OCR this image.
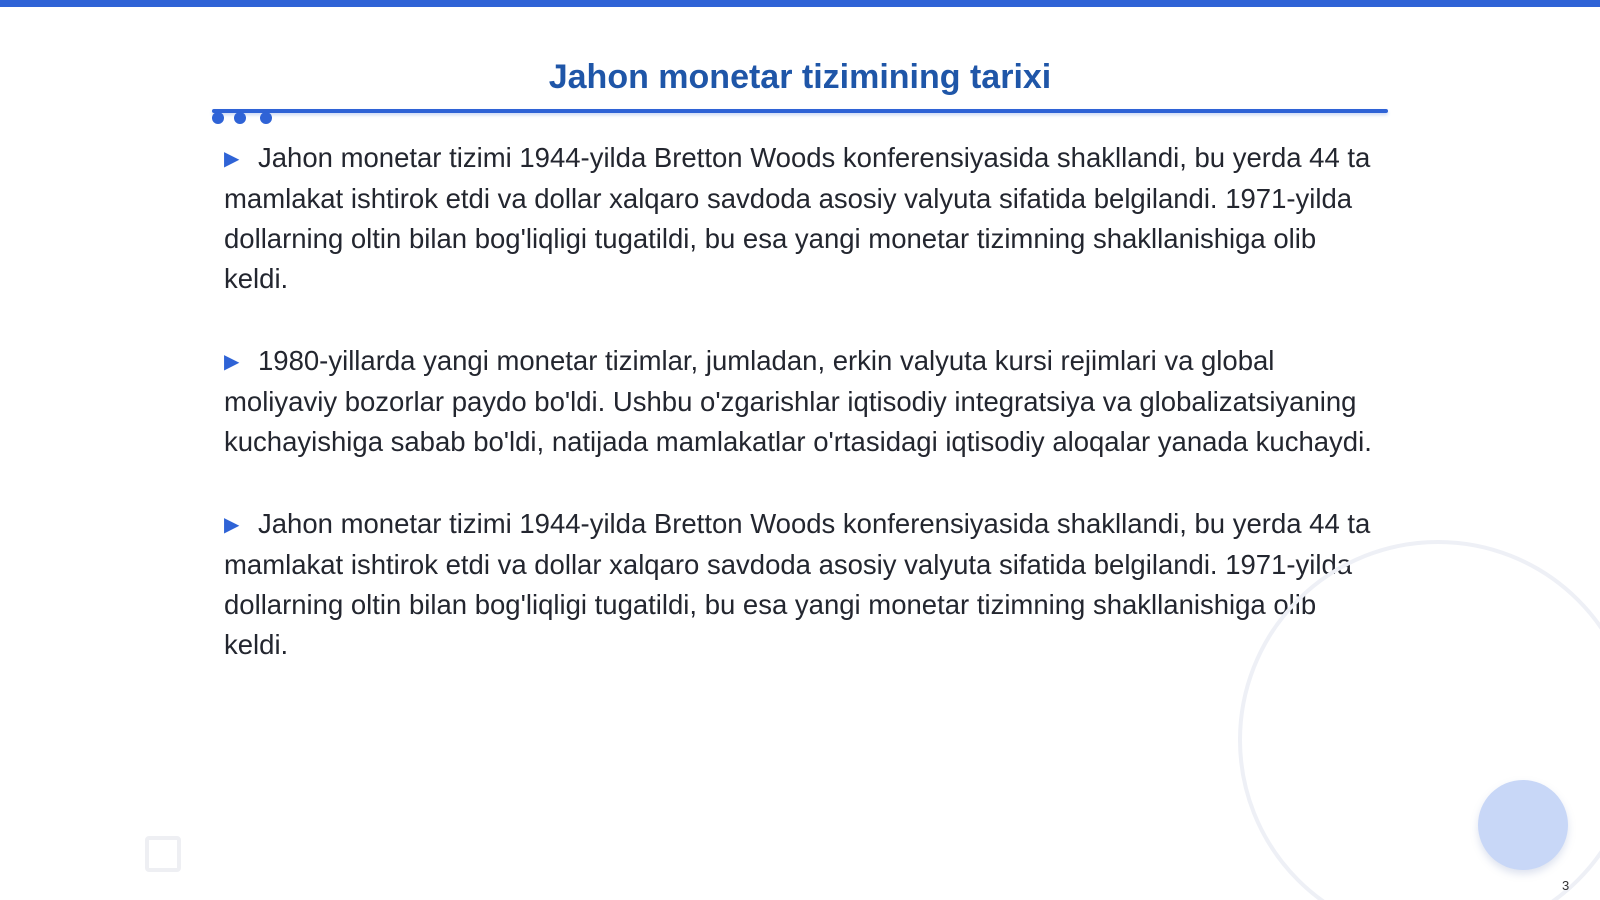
Jahon monetar tizimining tarixi

▶ Jahon monetar tizimi 1944-yilda Bretton Woods konferensiyasida shakllandi, bu yerda 44 ta mamlakat ishtirok etdi va dollar xalqaro savdoda asosiy valyuta sifatida belgilandi. 1971-yilda dollarning oltin bilan bog'liqligi tugatildi, bu esa yangi monetar tizimning shakllanishiga olib keldi.

▶ 1980-yillarda yangi monetar tizimlar, jumladan, erkin valyuta kursi rejimlari va global moliyaviy bozorlar paydo bo'ldi. Ushbu o'zgarishlar iqtisodiy integratsiya va globalizatsiyaning kuchayishiga sabab bo'ldi, natijada mamlakatlar o'rtasidagi iqtisodiy aloqalar yanada kuchaydi.

▶ Jahon monetar tizimi 1944-yilda Bretton Woods konferensiyasida shakllandi, bu yerda 44 ta mamlakat ishtirok etdi va dollar xalqaro savdoda asosiy valyuta sifatida belgilandi. 1971-yilda dollarning oltin bilan bog'liqligi tugatildi, bu esa yangi monetar tizimning shakllanishiga olib keldi.

3
